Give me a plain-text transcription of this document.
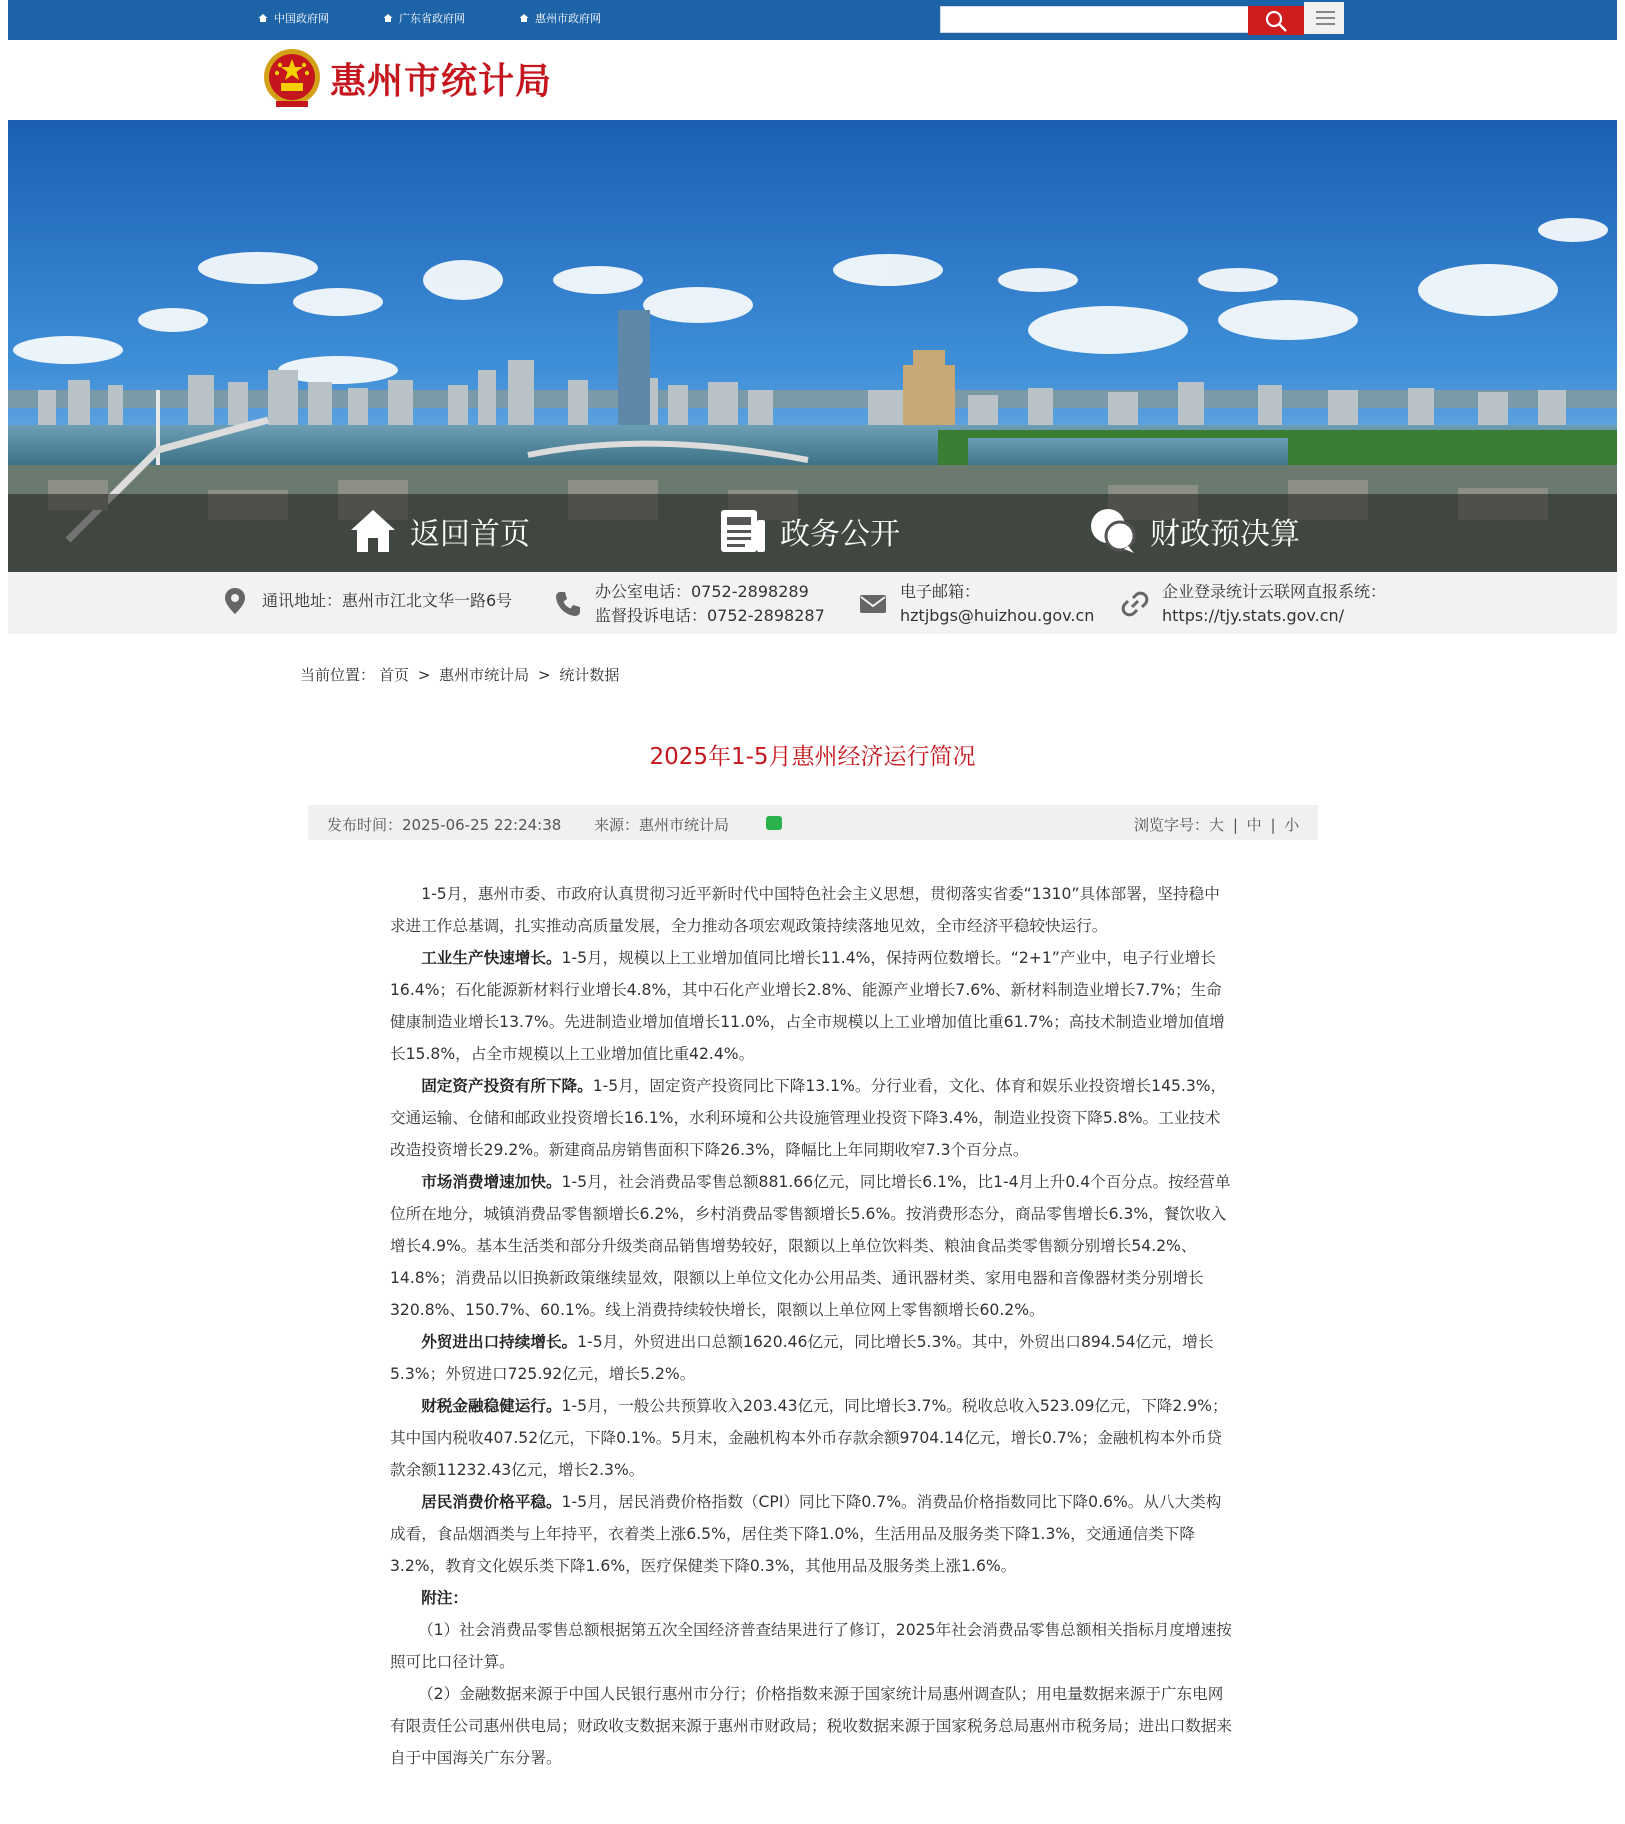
中国政府网	广东省政府网	惠州市政府网
惠州市统计局
返回首页	政务公开	财政预决算
通讯地址：惠州市江北文华一路6号	办公室电话：0752-2898289
监督投诉电话：0752-2898287
电子邮箱：
hztjbgs@huizhou.gov.cn
企业登录统计云联网直报系统：
https://tjy.stats.gov.cn/
当前位置： 首页 > 惠州市统计局 > 统计数据
2025年1-5月惠州经济运行简况
发布时间：2025-06-25 22:24:38 来源：惠州市统计局	浏览字号：大 | 中 | 小

1-5月，惠州市委、市政府认真贯彻习近平新时代中国特色社会主义思想，贯彻落实省委“1310”具体部署，坚持稳中求进工作总基调，扎实推动高质量发展，全力推动各项宏观政策持续落地见效，全市经济平稳较快运行。

工业生产快速增长。1-5月，规模以上工业增加值同比增长11.4%，保持两位数增长。“2+1”产业中，电子行业增长16.4%；石化能源新材料行业增长4.8%，其中石化产业增长2.8%、能源产业增长7.6%、新材料制造业增长7.7%；生命健康制造业增长13.7%。先进制造业增加值增长11.0%，占全市规模以上工业增加值比重61.7%；高技术制造业增加值增长15.8%，占全市规模以上工业增加值比重42.4%。

固定资产投资有所下降。1-5月，固定资产投资同比下降13.1%。分行业看，文化、体育和娱乐业投资增长145.3%，交通运输、仓储和邮政业投资增长16.1%，水利环境和公共设施管理业投资下降3.4%，制造业投资下降5.8%。工业技术改造投资增长29.2%。新建商品房销售面积下降26.3%，降幅比上年同期收窄7.3个百分点。

市场消费增速加快。1-5月，社会消费品零售总额881.66亿元，同比增长6.1%，比1-4月上升0.4个百分点。按经营单位所在地分，城镇消费品零售额增长6.2%，乡村消费品零售额增长5.6%。按消费形态分，商品零售增长6.3%，餐饮收入增长4.9%。基本生活类和部分升级类商品销售增势较好，限额以上单位饮料类、粮油食品类零售额分别增长54.2%、14.8%；消费品以旧换新政策继续显效，限额以上单位文化办公用品类、通讯器材类、家用电器和音像器材类分别增长320.8%、150.7%、60.1%。线上消费持续较快增长，限额以上单位网上零售额增长60.2%。

外贸进出口持续增长。1-5月，外贸进出口总额1620.46亿元，同比增长5.3%。其中，外贸出口894.54亿元，增长5.3%；外贸进口725.92亿元，增长5.2%。

财税金融稳健运行。1-5月，一般公共预算收入203.43亿元，同比增长3.7%。税收总收入523.09亿元，下降2.9%；其中国内税收407.52亿元，下降0.1%。5月末，金融机构本外币存款余额9704.14亿元，增长0.7%；金融机构本外币贷款余额11232.43亿元，增长2.3%。

居民消费价格平稳。1-5月，居民消费价格指数（CPI）同比下降0.7%。消费品价格指数同比下降0.6%。从八大类构成看，食品烟酒类与上年持平，衣着类上涨6.5%，居住类下降1.0%，生活用品及服务类下降1.3%，交通通信类下降3.2%，教育文化娱乐类下降1.6%，医疗保健类下降0.3%，其他用品及服务类上涨1.6%。

附注：

（1）社会消费品零售总额根据第五次全国经济普查结果进行了修订，2025年社会消费品零售总额相关指标月度增速按照可比口径计算。

（2）金融数据来源于中国人民银行惠州市分行；价格指数来源于国家统计局惠州调查队；用电量数据来源于广东电网有限责任公司惠州供电局；财政收支数据来源于惠州市财政局；税收数据来源于国家税务总局惠州市税务局；进出口数据来自于中国海关广东分署。
